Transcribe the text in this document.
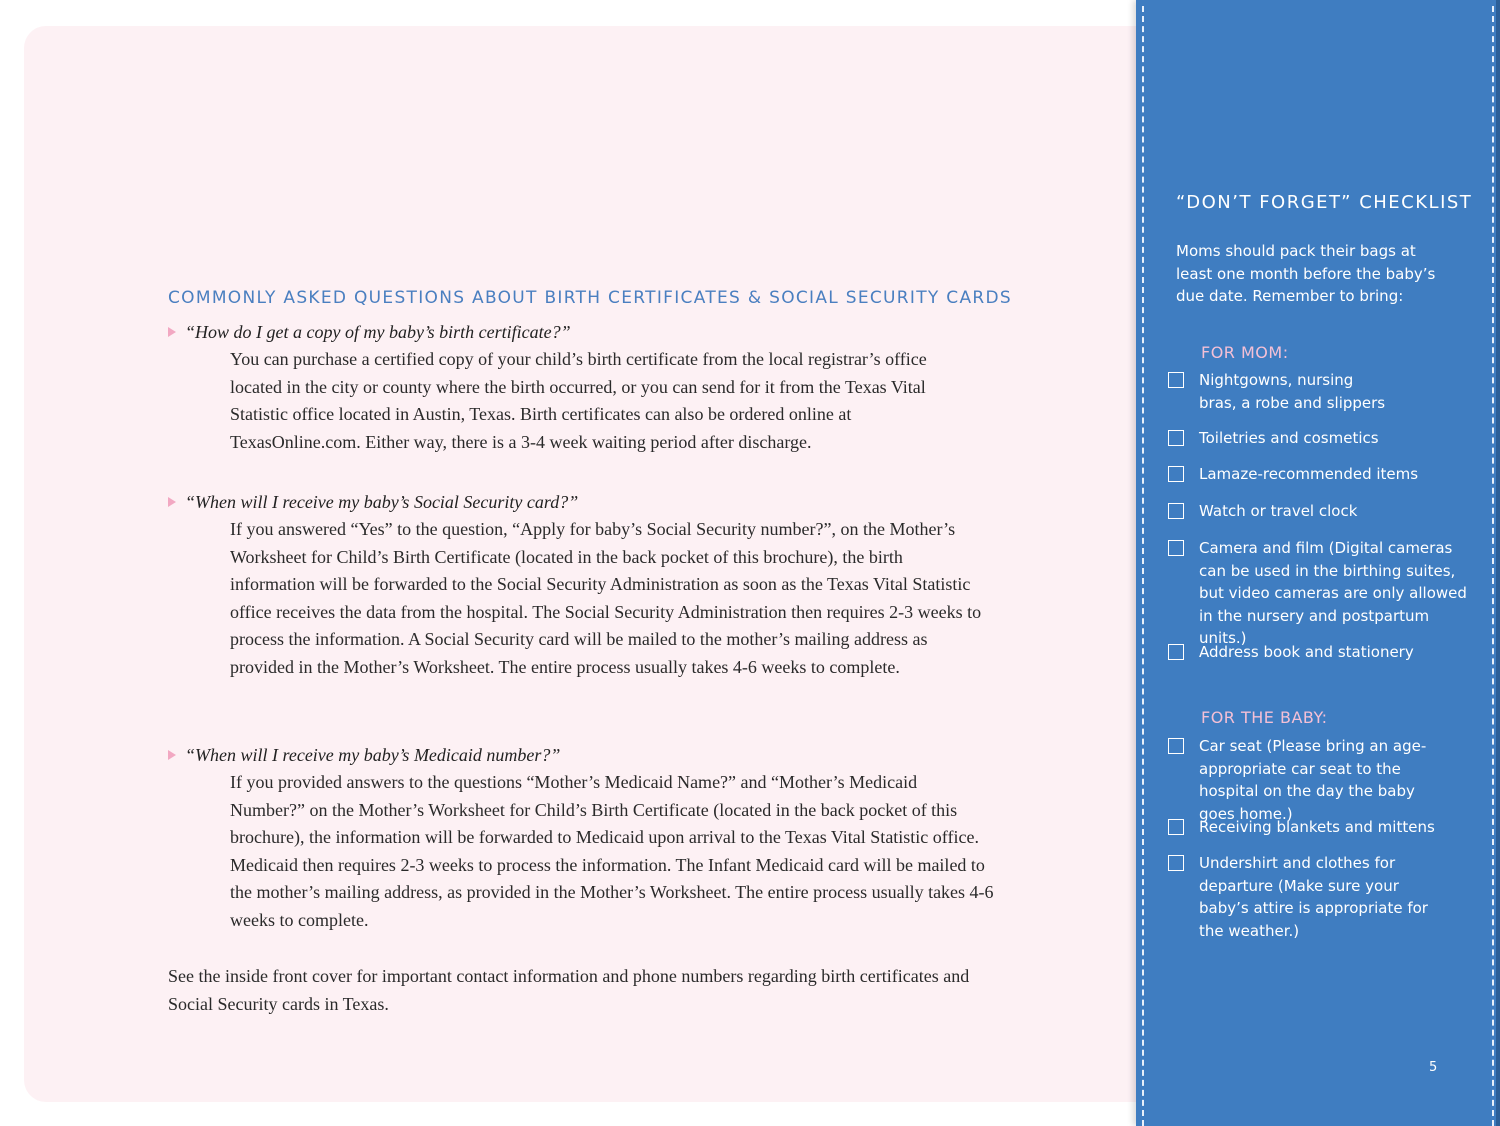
COMMONLY ASKED QUESTIONS ABOUT BIRTH CERTIFICATES & SOCIAL SECURITY CARDS
“How do I get a copy of my baby’s birth certificate?”
You can purchase a certified copy of your child’s birth certificate from the local registrar’s office located in the city or county where the birth occurred, or you can send for it from the Texas Vital Statistic office located in Austin, Texas. Birth certificates can also be ordered online at TexasOnline.com. Either way, there is a 3-4 week waiting period after discharge.
“When will I receive my baby’s Social Security card?”
If you answered “Yes” to the question, “Apply for baby’s Social Security number?”, on the Mother’s Worksheet for Child’s Birth Certificate (located in the back pocket of this brochure), the birth information will be forwarded to the Social Security Administration as soon as the Texas Vital Statistic office receives the data from the hospital. The Social Security Administration then requires 2-3 weeks to process the information. A Social Security card will be mailed to the mother’s mailing address as provided in the Mother’s Worksheet. The entire process usually takes 4-6 weeks to complete.
“When will I receive my baby’s Medicaid number?”
If you provided answers to the questions “Mother’s Medicaid Name?” and “Mother’s Medicaid Number?” on the Mother’s Worksheet for Child’s Birth Certificate (located in the back pocket of this brochure), the information will be forwarded to Medicaid upon arrival to the Texas Vital Statistic office. Medicaid then requires 2-3 weeks to process the information. The Infant Medicaid card will be mailed to the mother’s mailing address, as provided in the Mother’s Worksheet. The entire process usually takes 4-6 weeks to complete.
See the inside front cover for important contact information and phone numbers regarding birth certificates and Social Security cards in Texas.
“DON’T FORGET” CHECKLIST
Moms should pack their bags at least one month before the baby’s due date. Remember to bring:
FOR MOM:
Nightgowns, nursing bras, a robe and slippers
Toiletries and cosmetics
Lamaze-recommended items
Watch or travel clock
Camera and film (Digital cameras can be used in the birthing suites, but video cameras are only allowed in the nursery and postpartum units.)
Address book and stationery
FOR THE BABY:
Car seat (Please bring an age-appropriate car seat to the hospital on the day the baby goes home.)
Receiving blankets and mittens
Undershirt and clothes for departure (Make sure your baby’s attire is appropriate for the weather.)
5
